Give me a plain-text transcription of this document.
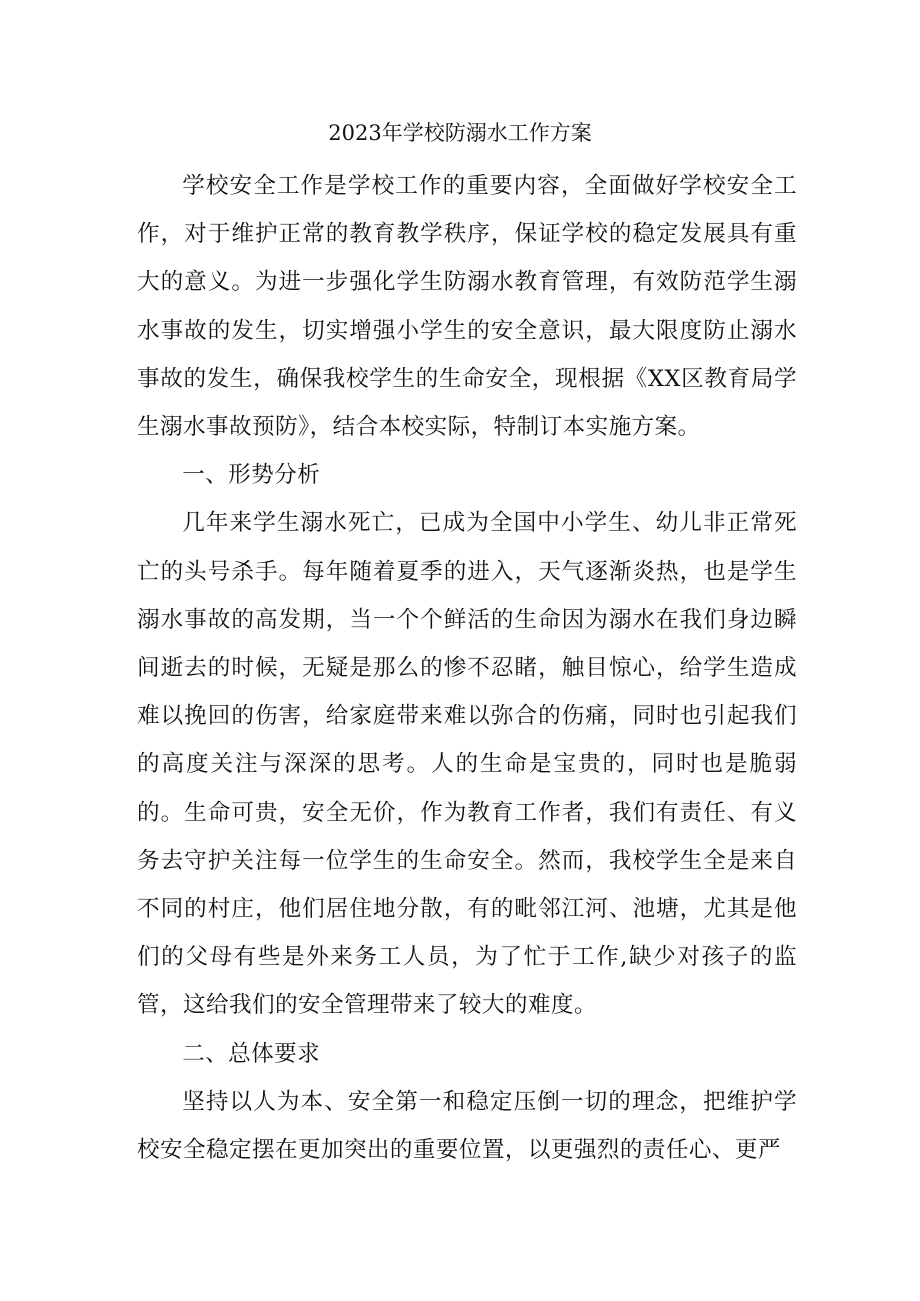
2023年学校防溺水工作方案

学校安全工作是学校工作的重要内容，全面做好学校安全工作，对于维护正常的教育教学秩序，保证学校的稳定发展具有重大的意义。为进一步强化学生防溺水教育管理，有效防范学生溺水事故的发生，切实增强小学生的安全意识，最大限度防止溺水事故的发生，确保我校学生的生命安全，现根据《XX区教育局学生溺水事故预防》，结合本校实际，特制订本实施方案。

一、形势分析

几年来学生溺水死亡，已成为全国中小学生、幼儿非正常死亡的头号杀手。每年随着夏季的进入，天气逐渐炎热，也是学生溺水事故的高发期，当一个个鲜活的生命因为溺水在我们身边瞬间逝去的时候，无疑是那么的惨不忍睹，触目惊心，给学生造成难以挽回的伤害，给家庭带来难以弥合的伤痛，同时也引起我们的高度关注与深深的思考。人的生命是宝贵的，同时也是脆弱的。生命可贵，安全无价，作为教育工作者，我们有责任、有义务去守护关注每一位学生的生命安全。然而，我校学生全是来自不同的村庄，他们居住地分散，有的毗邻江河、池塘，尤其是他们的父母有些是外来务工人员，为了忙于工作,缺少对孩子的监管，这给我们的安全管理带来了较大的难度。

二、总体要求

坚持以人为本、安全第一和稳定压倒一切的理念，把维护学校安全稳定摆在更加突出的重要位置，以更强烈的责任心、更严
